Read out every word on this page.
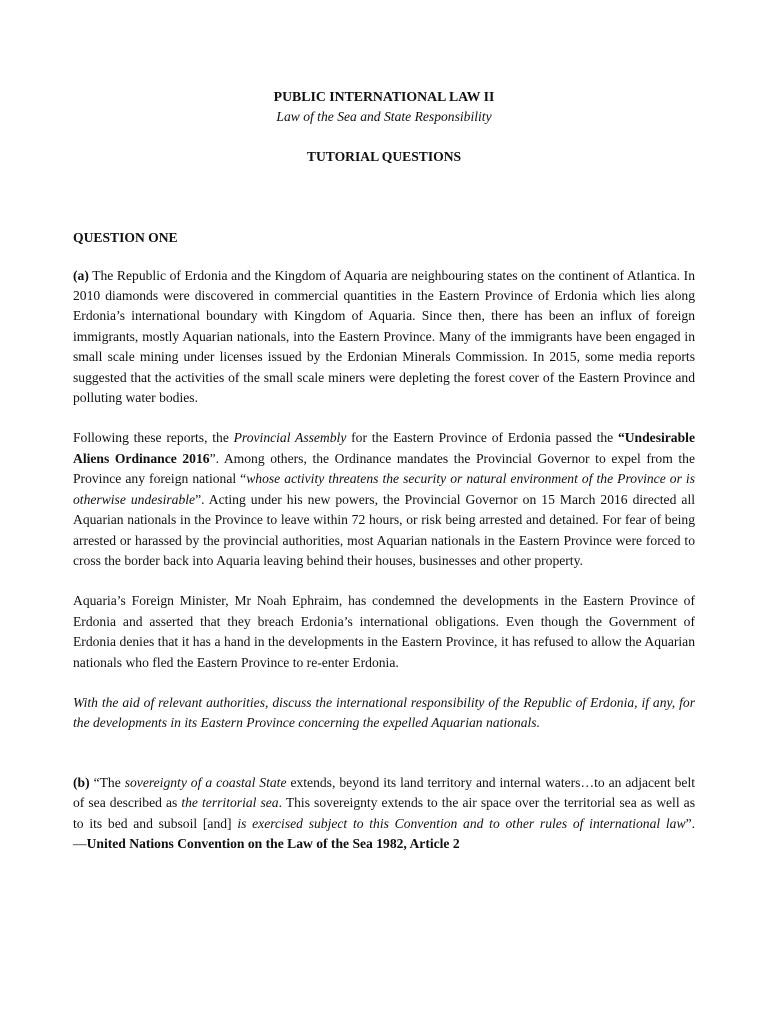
PUBLIC INTERNATIONAL LAW II

Law of the Sea and State Responsibility

TUTORIAL QUESTIONS

QUESTION ONE

(a) The Republic of Erdonia and the Kingdom of Aquaria are neighbouring states on the continent of Atlantica. In 2010 diamonds were discovered in commercial quantities in the Eastern Province of Erdonia which lies along Erdonia’s international boundary with Kingdom of Aquaria. Since then, there has been an influx of foreign immigrants, mostly Aquarian nationals, into the Eastern Province. Many of the immigrants have been engaged in small scale mining under licenses issued by the Erdonian Minerals Commission. In 2015, some media reports suggested that the activities of the small scale miners were depleting the forest cover of the Eastern Province and polluting water bodies.

Following these reports, the Provincial Assembly for the Eastern Province of Erdonia passed the “Undesirable Aliens Ordinance 2016”. Among others, the Ordinance mandates the Provincial Governor to expel from the Province any foreign national “whose activity threatens the security or natural environment of the Province or is otherwise undesirable”. Acting under his new powers, the Provincial Governor on 15 March 2016 directed all Aquarian nationals in the Province to leave within 72 hours, or risk being arrested and detained. For fear of being arrested or harassed by the provincial authorities, most Aquarian nationals in the Eastern Province were forced to cross the border back into Aquaria leaving behind their houses, businesses and other property.

Aquaria’s Foreign Minister, Mr Noah Ephraim, has condemned the developments in the Eastern Province of Erdonia and asserted that they breach Erdonia’s international obligations. Even though the Government of Erdonia denies that it has a hand in the developments in the Eastern Province, it has refused to allow the Aquarian nationals who fled the Eastern Province to re-enter Erdonia.

With the aid of relevant authorities, discuss the international responsibility of the Republic of Erdonia, if any, for the developments in its Eastern Province concerning the expelled Aquarian nationals.

(b) “The sovereignty of a coastal State extends, beyond its land territory and internal waters…to an adjacent belt of sea described as the territorial sea. This sovereignty extends to the air space over the territorial sea as well as to its bed and subsoil [and] is exercised subject to this Convention and to other rules of international law”. ―United Nations Convention on the Law of the Sea 1982, Article 2
